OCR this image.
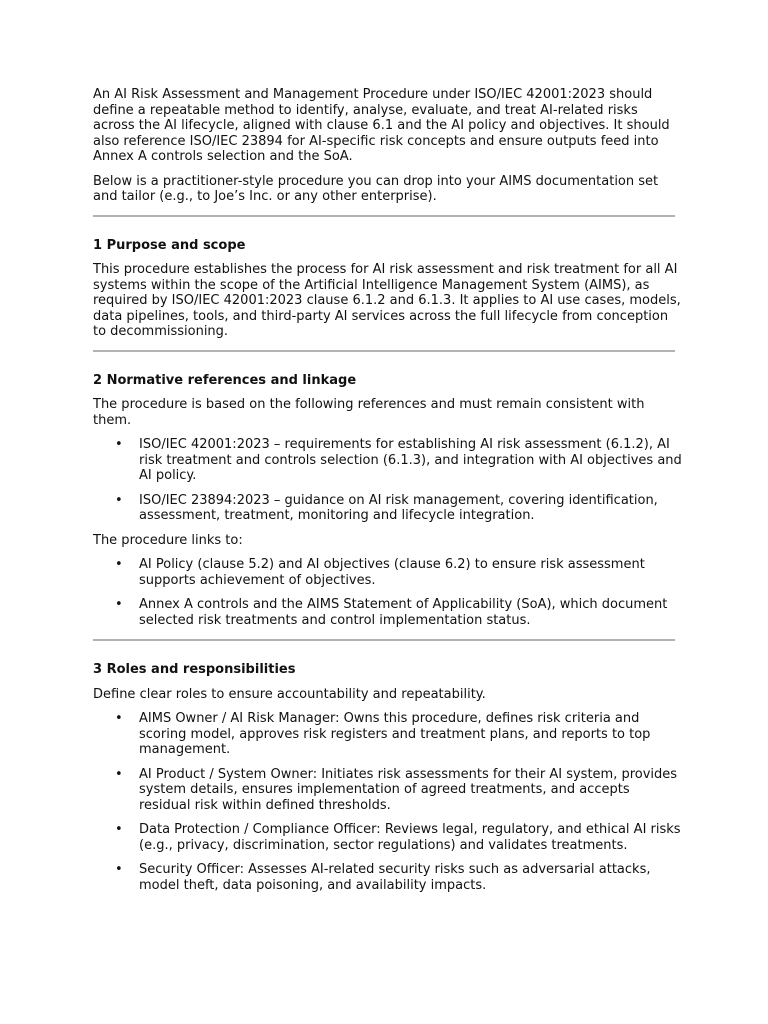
An AI Risk Assessment and Management Procedure under ISO/IEC 42001:2023 should define a repeatable method to identify, analyse, evaluate, and treat AI-related risks across the AI lifecycle, aligned with clause 6.1 and the AI policy and objectives. It should also reference ISO/IEC 23894 for AI-specific risk concepts and ensure outputs feed into Annex A controls selection and the SoA.

Below is a practitioner-style procedure you can drop into your AIMS documentation set and tailor (e.g., to Joe’s Inc. or any other enterprise).

1 Purpose and scope

This procedure establishes the process for AI risk assessment and risk treatment for all AI systems within the scope of the Artificial Intelligence Management System (AIMS), as required by ISO/IEC 42001:2023 clause 6.1.2 and 6.1.3. It applies to AI use cases, models, data pipelines, tools, and third-party AI services across the full lifecycle from conception to decommissioning.

2 Normative references and linkage

The procedure is based on the following references and must remain consistent with them.

• ISO/IEC 42001:2023 – requirements for establishing AI risk assessment (6.1.2), AI risk treatment and controls selection (6.1.3), and integration with AI objectives and AI policy.
• ISO/IEC 23894:2023 – guidance on AI risk management, covering identification, assessment, treatment, monitoring and lifecycle integration.

The procedure links to:

• AI Policy (clause 5.2) and AI objectives (clause 6.2) to ensure risk assessment supports achievement of objectives.
• Annex A controls and the AIMS Statement of Applicability (SoA), which document selected risk treatments and control implementation status.
3 Roles and responsibilities

Define clear roles to ensure accountability and repeatability.

• AIMS Owner / AI Risk Manager: Owns this procedure, defines risk criteria and scoring model, approves risk registers and treatment plans, and reports to top management.
• AI Product / System Owner: Initiates risk assessments for their AI system, provides system details, ensures implementation of agreed treatments, and accepts residual risk within defined thresholds.
• Data Protection / Compliance Officer: Reviews legal, regulatory, and ethical AI risks (e.g., privacy, discrimination, sector regulations) and validates treatments.
• Security Officer: Assesses AI-related security risks such as adversarial attacks, model theft, data poisoning, and availability impacts.
